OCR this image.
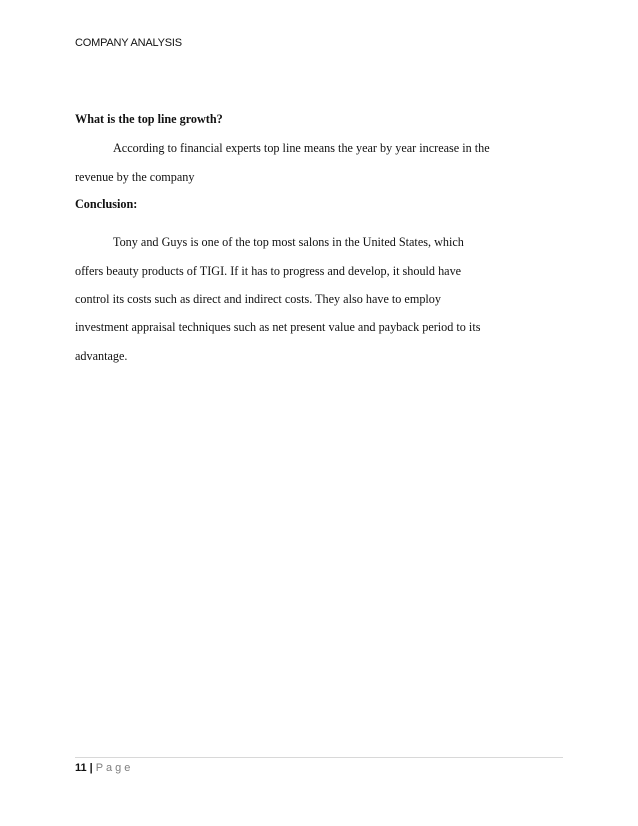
COMPANY ANALYSIS
What is the top line growth?
According to financial experts top line means the year by year increase in the
revenue by the company
Conclusion:
Tony and Guys is one of the top most salons in the United States, which
offers beauty products of TIGI. If it has to progress and develop, it should have
control its costs such as direct and indirect costs. They also have to employ
investment appraisal techniques such as net present value and payback period to its
advantage.
11 | Page
